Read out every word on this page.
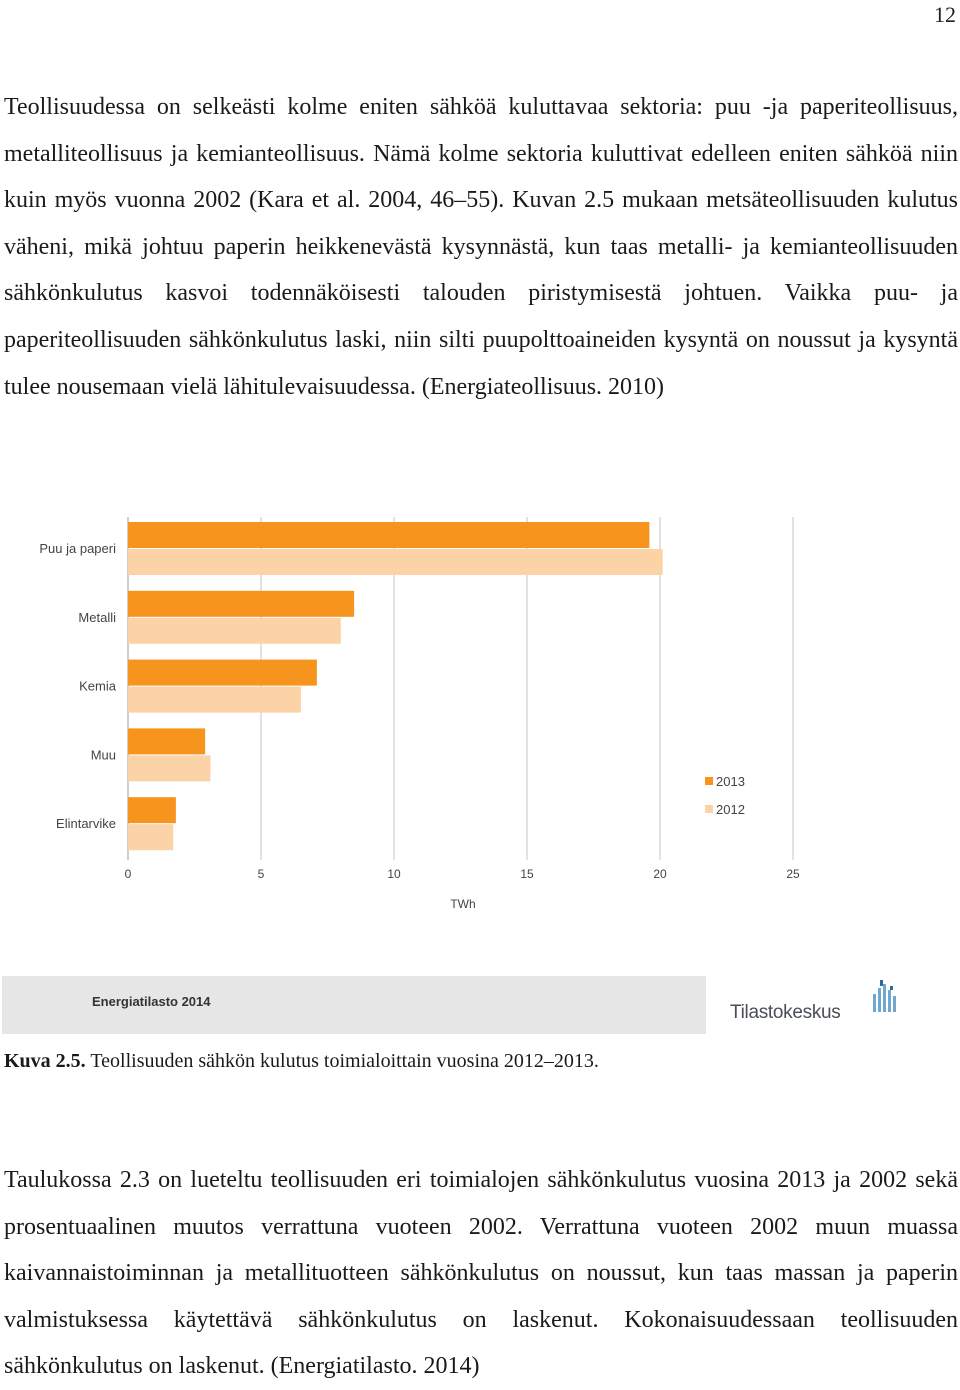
12

Teollisuudessa on selkeästi kolme eniten sähköä kuluttavaa sektoria: puu -ja paperiteollisuus, metalliteollisuus ja kemianteollisuus. Nämä kolme sektoria kuluttivat edelleen eniten sähköä niin kuin myös vuonna 2002 (Kara et al. 2004, 46–55). Kuvan 2.5 mukaan metsäteollisuuden kulutus väheni, mikä johtuu paperin heikkenevästä kysynnästä, kun taas metalli- ja kemianteollisuuden sähkönkulutus kasvoi todennäköisesti talouden piristymisestä johtuen. Vaikka puu- ja paperiteollisuuden sähkönkulutus laski, niin silti puupolttoaineiden kysyntä on noussut ja kysyntä tulee nousemaan vielä lähitulevaisuudessa. (Energiateollisuus. 2010)

Puu ja paperi
Metalli
Kemia
Muu
Elintarvike
0	5	10	15	20	25
TWh
2013
2012
Energiatilasto 2014
Tilastokeskus
Kuva 2.5. Teollisuuden sähkön kulutus toimialoittain vuosina 2012–2013.

Taulukossa 2.3 on lueteltu teollisuuden eri toimialojen sähkönkulutus vuosina 2013 ja 2002 sekä prosentuaalinen muutos verrattuna vuoteen 2002. Verrattuna vuoteen 2002 muun muassa kaivannaistoiminnan ja metallituotteen sähkönkulutus on noussut, kun taas massan ja paperin valmistuksessa käytettävä sähkönkulutus on laskenut. Kokonaisuudessaan teollisuuden sähkönkulutus on laskenut. (Energiatilasto. 2014)
